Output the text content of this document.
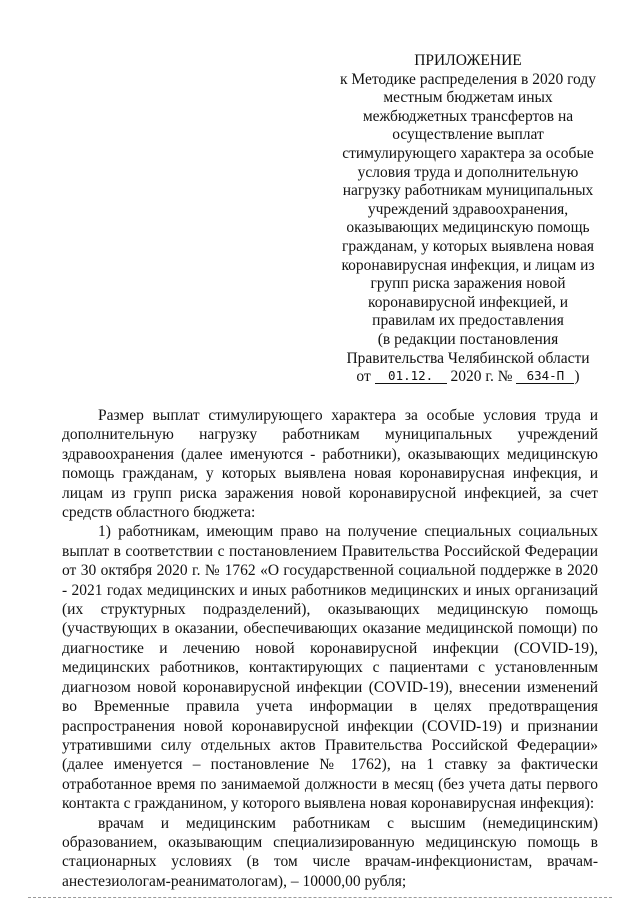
ПРИЛОЖЕНИЕ
к Методике распределения в 2020 году
местным бюджетам иных
межбюджетных трансфертов на
осуществление выплат
стимулирующего характера за особые
условия труда и дополнительную
нагрузку работникам муниципальных
учреждений здравоохранения,
оказывающих медицинскую помощь
гражданам, у которых выявлена новая
коронавирусная инфекция, и лицам из
групп риска заражения новой
коронавирусной инфекцией, и
правилам их предоставления
(в редакции постановления
Правительства Челябинской области
от 01.12. 2020 г. № 634-П )

Размер выплат стимулирующего характера за особые условия труда и дополнительную нагрузку работникам муниципальных учреждений здравоохранения (далее именуются - работники), оказывающих медицинскую помощь гражданам, у которых выявлена новая коронавирусная инфекция, и лицам из групп риска заражения новой коронавирусной инфекцией, за счет средств областного бюджета:

1) работникам, имеющим право на получение специальных социальных выплат в соответствии с постановлением Правительства Российской Федерации от 30 октября 2020 г. № 1762 «О государственной социальной поддержке в 2020 - 2021 годах медицинских и иных работников медицинских и иных организаций (их структурных подразделений), оказывающих медицинскую помощь (участвующих в оказании, обеспечивающих оказание медицинской помощи) по диагностике и лечению новой коронавирусной инфекции (COVID-19), медицинских работников, контактирующих с пациентами с установленным диагнозом новой коронавирусной инфекции (COVID-19), внесении изменений во Временные правила учета информации в целях предотвращения распространения новой коронавирусной инфекции (COVID-19) и признании утратившими силу отдельных актов Правительства Российской Федерации» (далее именуется – постановление № 1762), на 1 ставку за фактически отработанное время по занимаемой должности в месяц (без учета даты первого контакта с гражданином, у которого выявлена новая коронавирусная инфекция):

врачам и медицинским работникам с высшим (немедицинским) образованием, оказывающим специализированную медицинскую помощь в стационарных условиях (в том числе врачам-инфекционистам, врачам-анестезиологам-реаниматологам), – 10000,00 рубля;
